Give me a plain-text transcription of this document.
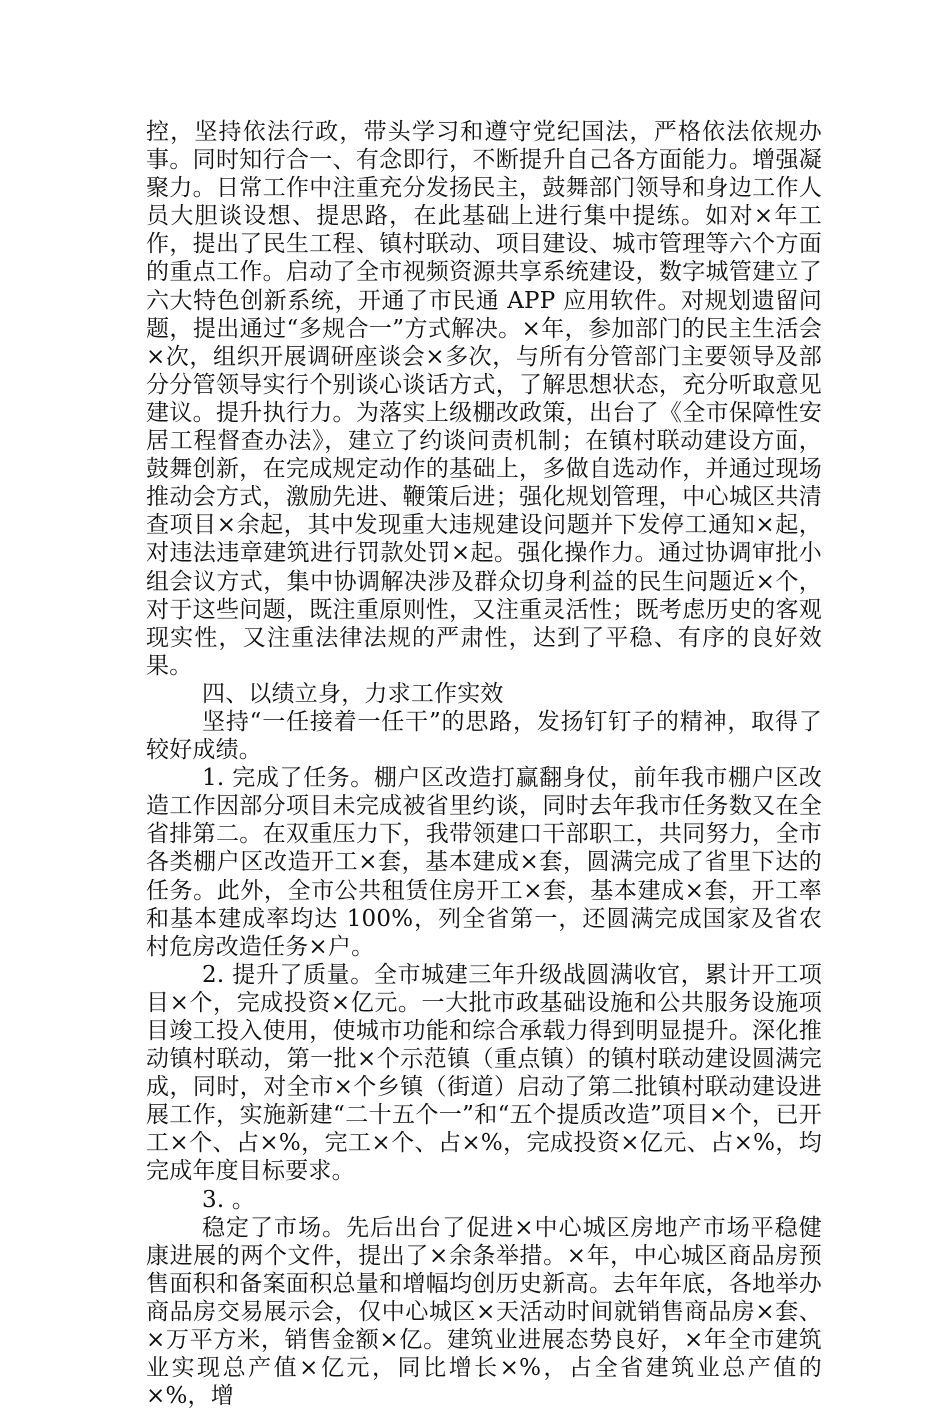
控，坚持依法行政，带头学习和遵守党纪国法，严格依法依规办事。同时知行合一、有念即行，不断提升自己各方面能力。增强凝聚力。日常工作中注重充分发扬民主，鼓舞部门领导和身边工作人员大胆谈设想、提思路，在此基础上进行集中提练。如对×年工作，提出了民生工程、镇村联动、项目建设、城市管理等六个方面的重点工作。启动了全市视频资源共享系统建设，数字城管建立了六大特色创新系统，开通了市民通 APP 应用软件。对规划遗留问题，提出通过“多规合一”方式解决。×年，参加部门的民主生活会×次，组织开展调研座谈会×多次，与所有分管部门主要领导及部分分管领导实行个别谈心谈话方式，了解思想状态，充分听取意见建议。提升执行力。为落实上级棚改政策，出台了《全市保障性安居工程督查办法》，建立了约谈问责机制；在镇村联动建设方面，鼓舞创新，在完成规定动作的基础上，多做自选动作，并通过现场推动会方式，激励先进、鞭策后进；强化规划管理，中心城区共清查项目×余起，其中发现重大违规建设问题并下发停工通知×起，对违法违章建筑进行罚款处罚×起。强化操作力。通过协调审批小组会议方式，集中协调解决涉及群众切身利益的民生问题近×个，对于这些问题，既注重原则性，又注重灵活性；既考虑历史的客观现实性，又注重法律法规的严肃性，达到了平稳、有序的良好效果。

四、以绩立身，力求工作实效

坚持“一任接着一任干”的思路，发扬钉钉子的精神，取得了较好成绩。

1. 完成了任务。棚户区改造打赢翻身仗，前年我市棚户区改造工作因部分项目未完成被省里约谈，同时去年我市任务数又在全省排第二。在双重压力下，我带领建口干部职工，共同努力，全市各类棚户区改造开工×套，基本建成×套，圆满完成了省里下达的任务。此外，全市公共租赁住房开工×套，基本建成×套，开工率和基本建成率均达 100%，列全省第一，还圆满完成国家及省农村危房改造任务×户。

2. 提升了质量。全市城建三年升级战圆满收官，累计开工项目×个，完成投资×亿元。一大批市政基础设施和公共服务设施项目竣工投入使用，使城市功能和综合承载力得到明显提升。深化推动镇村联动，第一批×个示范镇（重点镇）的镇村联动建设圆满完成，同时，对全市×个乡镇（街道）启动了第二批镇村联动建设进展工作，实施新建“二十五个一”和“五个提质改造”项目×个，已开工×个、占×%，完工×个、占×%，完成投资×亿元、占×%，均完成年度目标要求。

3. 。

稳定了市场。先后出台了促进×中心城区房地产市场平稳健康进展的两个文件，提出了×余条举措。×年，中心城区商品房预售面积和备案面积总量和增幅均创历史新高。去年年底，各地举办商品房交易展示会，仅中心城区×天活动时间就销售商品房×套、×万平方米，销售金额×亿。建筑业进展态势良好，×年全市建筑业实现总产值×亿元，同比增长×%，占全省建筑业总产值的×%，增
